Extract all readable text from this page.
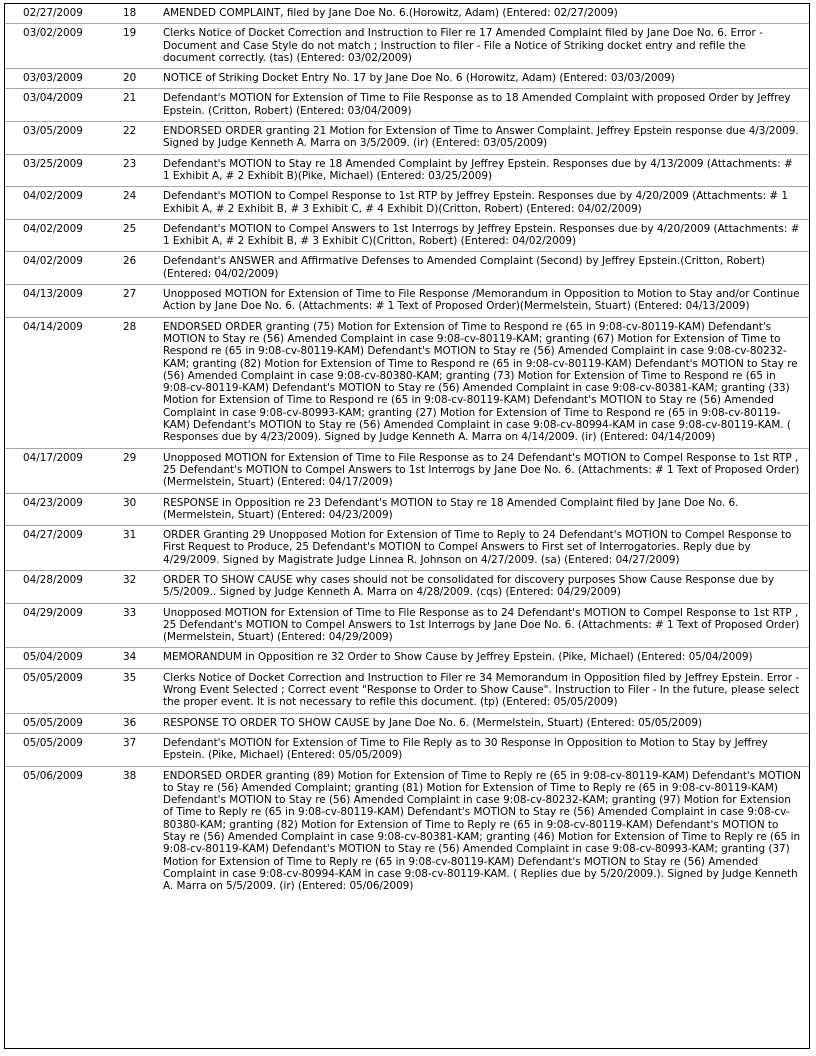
02/27/2009	18	AMENDED COMPLAINT, filed by Jane Doe No. 6.(Horowitz, Adam) (Entered: 02/27/2009)
03/02/2009	19	Clerks Notice of Docket Correction and Instruction to Filer re 17 Amended Complaint filed by Jane Doe No. 6. Error - Document and Case Style do not match ; Instruction to filer - File a Notice of Striking docket entry and refile the document correctly. (tas) (Entered: 03/02/2009)
03/03/2009	20	NOTICE of Striking Docket Entry No. 17 by Jane Doe No. 6 (Horowitz, Adam) (Entered: 03/03/2009)
03/04/2009	21	Defendant's MOTION for Extension of Time to File Response as to 18 Amended Complaint with proposed Order by Jeffrey Epstein. (Critton, Robert) (Entered: 03/04/2009)
03/05/2009	22	ENDORSED ORDER granting 21 Motion for Extension of Time to Answer Complaint. Jeffrey Epstein response due 4/3/2009. Signed by Judge Kenneth A. Marra on 3/5/2009. (ir) (Entered: 03/05/2009)
03/25/2009	23	Defendant's MOTION to Stay re 18 Amended Complaint by Jeffrey Epstein. Responses due by 4/13/2009 (Attachments: # 1 Exhibit A, # 2 Exhibit B)(Pike, Michael) (Entered: 03/25/2009)
04/02/2009	24	Defendant's MOTION to Compel Response to 1st RTP by Jeffrey Epstein. Responses due by 4/20/2009 (Attachments: # 1 Exhibit A, # 2 Exhibit B, # 3 Exhibit C, # 4 Exhibit D)(Critton, Robert) (Entered: 04/02/2009)
04/02/2009	25	Defendant's MOTION to Compel Answers to 1st Interrogs by Jeffrey Epstein. Responses due by 4/20/2009 (Attachments: # 1 Exhibit A, # 2 Exhibit B, # 3 Exhibit C)(Critton, Robert) (Entered: 04/02/2009)
04/02/2009	26	Defendant's ANSWER and Affirmative Defenses to Amended Complaint (Second) by Jeffrey Epstein.(Critton, Robert) (Entered: 04/02/2009)
04/13/2009	27	Unopposed MOTION for Extension of Time to File Response /Memorandum in Opposition to Motion to Stay and/or Continue Action by Jane Doe No. 6. (Attachments: # 1 Text of Proposed Order)(Mermelstein, Stuart) (Entered: 04/13/2009)
04/14/2009	28	ENDORSED ORDER granting (75) Motion for Extension of Time to Respond re (65 in 9:08-cv-80119-KAM) Defendant's MOTION to Stay re (56) Amended Complaint in case 9:08-cv-80119-KAM; granting (67) Motion for Extension of Time to Respond re (65 in 9:08-cv-80119-KAM) Defendant's MOTION to Stay re (56) Amended Complaint in case 9:08-cv-80232-KAM; granting (82) Motion for Extension of Time to Respond re (65 in 9:08-cv-80119-KAM) Defendant's MOTION to Stay re (56) Amended Complaint in case 9:08-cv-80380-KAM; granting (73) Motion for Extension of Time to Respond re (65 in 9:08-cv-80119-KAM) Defendant's MOTION to Stay re (56) Amended Complaint in case 9:08-cv-80381-KAM; granting (33) Motion for Extension of Time to Respond re (65 in 9:08-cv-80119-KAM) Defendant's MOTION to Stay re (56) Amended Complaint in case 9:08-cv-80993-KAM; granting (27) Motion for Extension of Time to Respond re (65 in 9:08-cv-80119-KAM) Defendant's MOTION to Stay re (56) Amended Complaint in case 9:08-cv-80994-KAM in case 9:08-cv-80119-KAM. ( Responses due by 4/23/2009). Signed by Judge Kenneth A. Marra on 4/14/2009. (ir) (Entered: 04/14/2009)
04/17/2009	29	Unopposed MOTION for Extension of Time to File Response as to 24 Defendant's MOTION to Compel Response to 1st RTP , 25 Defendant's MOTION to Compel Answers to 1st Interrogs by Jane Doe No. 6. (Attachments: # 1 Text of Proposed Order)(Mermelstein, Stuart) (Entered: 04/17/2009)
04/23/2009	30	RESPONSE in Opposition re 23 Defendant's MOTION to Stay re 18 Amended Complaint filed by Jane Doe No. 6. (Mermelstein, Stuart) (Entered: 04/23/2009)
04/27/2009	31	ORDER Granting 29 Unopposed Motion for Extension of Time to Reply to 24 Defendant's MOTION to Compel Response to First Request to Produce, 25 Defendant's MOTION to Compel Answers to First set of Interrogatories. Reply due by 4/29/2009. Signed by Magistrate Judge Linnea R. Johnson on 4/27/2009. (sa) (Entered: 04/27/2009)
04/28/2009	32	ORDER TO SHOW CAUSE why cases should not be consolidated for discovery purposes Show Cause Response due by 5/5/2009.. Signed by Judge Kenneth A. Marra on 4/28/2009. (cqs) (Entered: 04/29/2009)
04/29/2009	33	Unopposed MOTION for Extension of Time to File Response as to 24 Defendant's MOTION to Compel Response to 1st RTP , 25 Defendant's MOTION to Compel Answers to 1st Interrogs by Jane Doe No. 6. (Attachments: # 1 Text of Proposed Order)(Mermelstein, Stuart) (Entered: 04/29/2009)
05/04/2009	34	MEMORANDUM in Opposition re 32 Order to Show Cause by Jeffrey Epstein. (Pike, Michael) (Entered: 05/04/2009)
05/05/2009	35	Clerks Notice of Docket Correction and Instruction to Filer re 34 Memorandum in Opposition filed by Jeffrey Epstein. Error - Wrong Event Selected ; Correct event "Response to Order to Show Cause". Instruction to Filer - In the future, please select the proper event. It is not necessary to refile this document. (tp) (Entered: 05/05/2009)
05/05/2009	36	RESPONSE TO ORDER TO SHOW CAUSE by Jane Doe No. 6. (Mermelstein, Stuart) (Entered: 05/05/2009)
05/05/2009	37	Defendant's MOTION for Extension of Time to File Reply as to 30 Response in Opposition to Motion to Stay by Jeffrey Epstein. (Pike, Michael) (Entered: 05/05/2009)
05/06/2009	38	ENDORSED ORDER granting (89) Motion for Extension of Time to Reply re (65 in 9:08-cv-80119-KAM) Defendant's MOTION to Stay re (56) Amended Complaint; granting (81) Motion for Extension of Time to Reply re (65 in 9:08-cv-80119-KAM) Defendant's MOTION to Stay re (56) Amended Complaint in case 9:08-cv-80232-KAM; granting (97) Motion for Extension of Time to Reply re (65 in 9:08-cv-80119-KAM) Defendant's MOTION to Stay re (56) Amended Complaint in case 9:08-cv-80380-KAM; granting (82) Motion for Extension of Time to Reply re (65 in 9:08-cv-80119-KAM) Defendant's MOTION to Stay re (56) Amended Complaint in case 9:08-cv-80381-KAM; granting (46) Motion for Extension of Time to Reply re (65 in 9:08-cv-80119-KAM) Defendant's MOTION to Stay re (56) Amended Complaint in case 9:08-cv-80993-KAM; granting (37) Motion for Extension of Time to Reply re (65 in 9:08-cv-80119-KAM) Defendant's MOTION to Stay re (56) Amended Complaint in case 9:08-cv-80994-KAM in case 9:08-cv-80119-KAM. ( Replies due by 5/20/2009.). Signed by Judge Kenneth A. Marra on 5/5/2009. (ir) (Entered: 05/06/2009)
